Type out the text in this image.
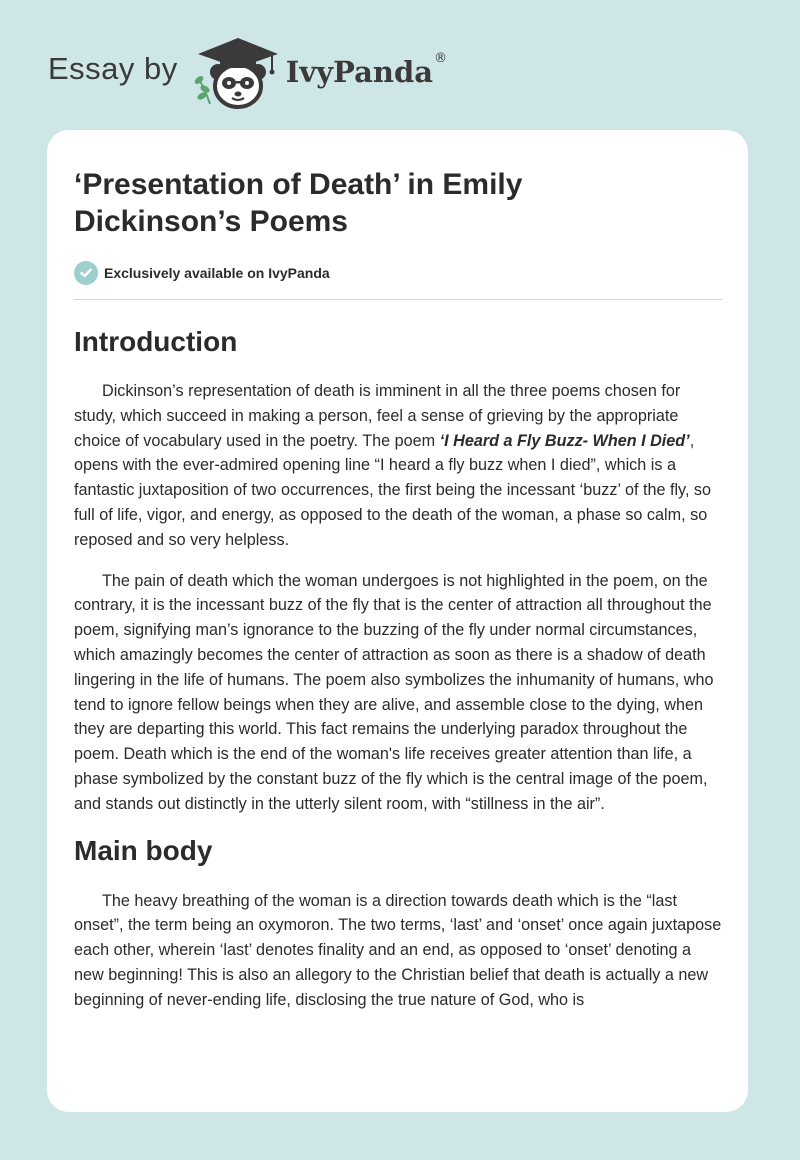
Essay by	IvyPanda ®
‘Presentation of Death’ in Emily Dickinson’s Poems
Exclusively available on IvyPanda
Introduction

Dickinson’s representation of death is imminent in all the three poems chosen for study, which succeed in making a person, feel a sense of grieving by the appropriate choice of vocabulary used in the poetry. The poem ‘I Heard a Fly Buzz- When I Died’, opens with the ever-admired opening line “I heard a fly buzz when I died”, which is a fantastic juxtaposition of two occurrences, the first being the incessant ‘buzz’ of the fly, so full of life, vigor, and energy, as opposed to the death of the woman, a phase so calm, so reposed and so very helpless.

The pain of death which the woman undergoes is not highlighted in the poem, on the contrary, it is the incessant buzz of the fly that is the center of attraction all throughout the poem, signifying man’s ignorance to the buzzing of the fly under normal circumstances, which amazingly becomes the center of attraction as soon as there is a shadow of death lingering in the life of humans. The poem also symbolizes the inhumanity of humans, who tend to ignore fellow beings when they are alive, and assemble close to the dying, when they are departing this world. This fact remains the underlying paradox throughout the poem. Death which is the end of the woman's life receives greater attention than life, a phase symbolized by the constant buzz of the fly which is the central image of the poem, and stands out distinctly in the utterly silent room, with “stillness in the air”.

Main body

The heavy breathing of the woman is a direction towards death which is the “last onset”, the term being an oxymoron. The two terms, ‘last’ and ‘onset’ once again juxtapose each other, wherein ‘last’ denotes finality and an end, as opposed to ‘onset’ denoting a new beginning! This is also an allegory to the Christian belief that death is actually a new beginning of never-ending life, disclosing the true nature of God, who is
